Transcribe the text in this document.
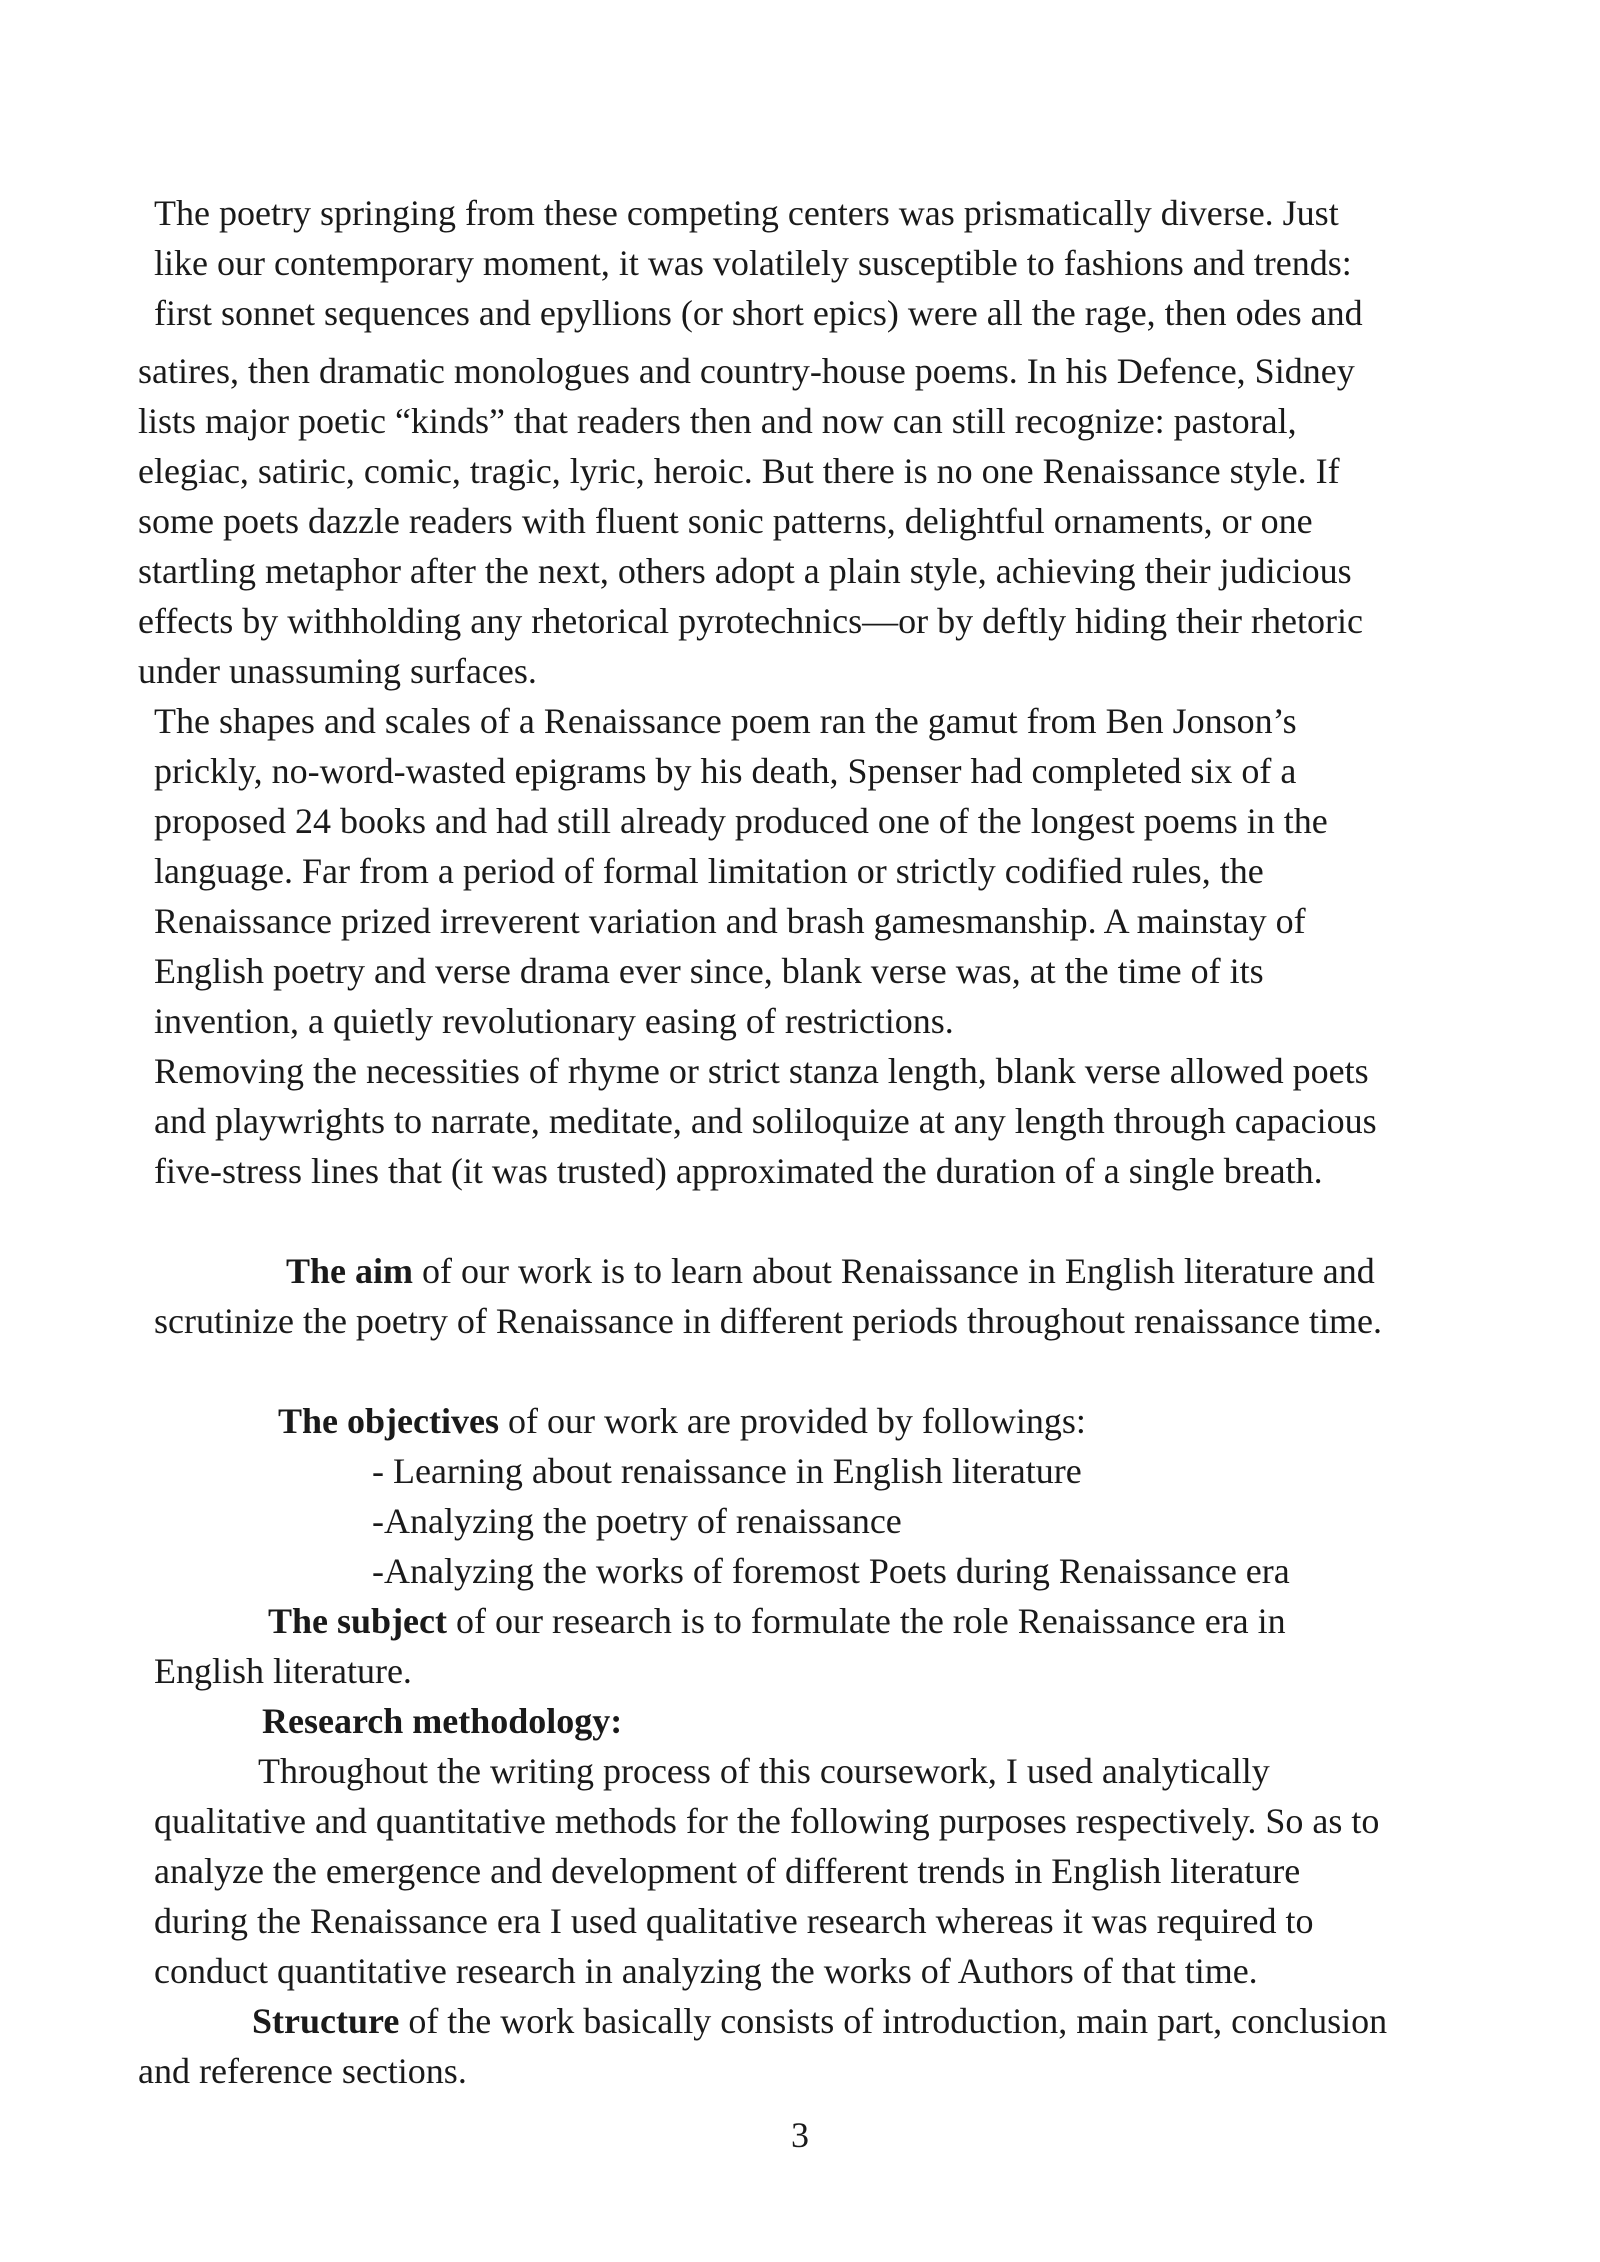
The poetry springing from these competing centers was prismatically diverse. Just
like our contemporary moment, it was volatilely susceptible to fashions and trends:
first sonnet sequences and epyllions (or short epics) were all the rage, then odes and
satires, then dramatic monologues and country-house poems. In his Defence, Sidney
lists major poetic “kinds” that readers then and now can still recognize: pastoral,
elegiac, satiric, comic, tragic, lyric, heroic. But there is no one Renaissance style. If
some poets dazzle readers with fluent sonic patterns, delightful ornaments, or one
startling metaphor after the next, others adopt a plain style, achieving their judicious
effects by withholding any rhetorical pyrotechnics—or by deftly hiding their rhetoric
under unassuming surfaces.
The shapes and scales of a Renaissance poem ran the gamut from Ben Jonson’s
prickly, no-word-wasted epigrams by his death, Spenser had completed six of a
proposed 24 books and had still already produced one of the longest poems in the
language. Far from a period of formal limitation or strictly codified rules, the
Renaissance prized irreverent variation and brash gamesmanship. A mainstay of
English poetry and verse drama ever since, blank verse was, at the time of its
invention, a quietly revolutionary easing of restrictions.
Removing the necessities of rhyme or strict stanza length, blank verse allowed poets
and playwrights to narrate, meditate, and soliloquize at any length through capacious
five-stress lines that (it was trusted) approximated the duration of a single breath.
The aim of our work is to learn about Renaissance in English literature and
scrutinize the poetry of Renaissance in different periods throughout renaissance time.
The objectives of our work are provided by followings:
- Learning about renaissance in English literature
-Analyzing the poetry of renaissance
-Analyzing the works of foremost Poets during Renaissance era
The subject of our research is to formulate the role Renaissance era in
English literature.
Research methodology:
Throughout the writing process of this coursework, I used analytically
qualitative and quantitative methods for the following purposes respectively. So as to
analyze the emergence and development of different trends in English literature
during the Renaissance era I used qualitative research whereas it was required to
conduct quantitative research in analyzing the works of Authors of that time.
Structure of the work basically consists of introduction, main part, conclusion
and reference sections.
3
